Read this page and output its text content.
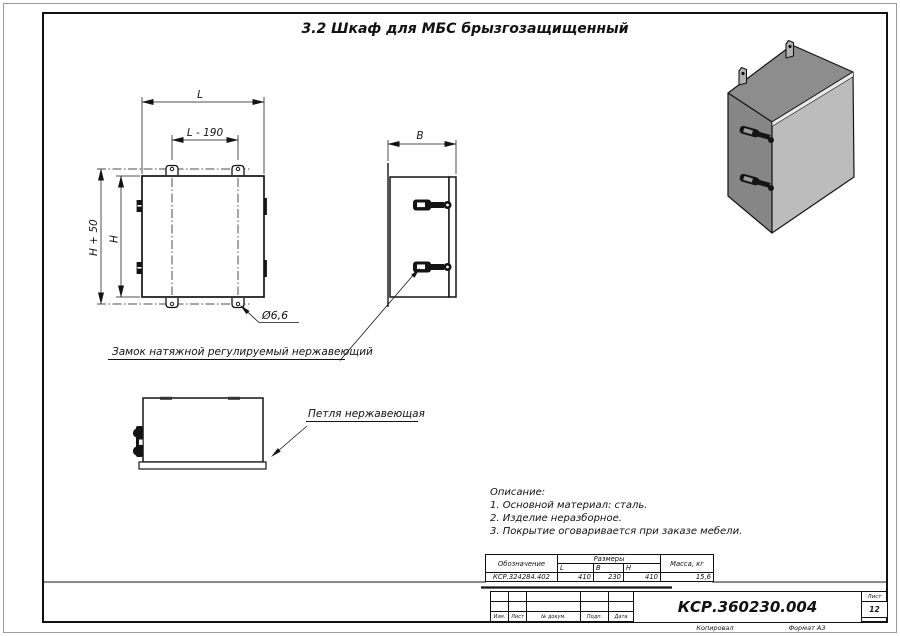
3.2 Шкаф для МБС брызгозащищенный
L
L - 190
H + 50 H
B
Ø6,6
Замок натяжной регулируемый нержавеющий
Петля нержавеющая
Описание:
1. Основной материал: сталь.
2. Изделие неразборное.
3. Покрытие оговаривается при заказе мебели.
Обозначение	Размеры			Масса, кг
	L	B	H	
КСР.324284.402	410	230	410	15,6

Изм.	Лист	№ докум.	Подп.	Дата
КСР.360230.004
Лист
12
Копировал	Формат А3
